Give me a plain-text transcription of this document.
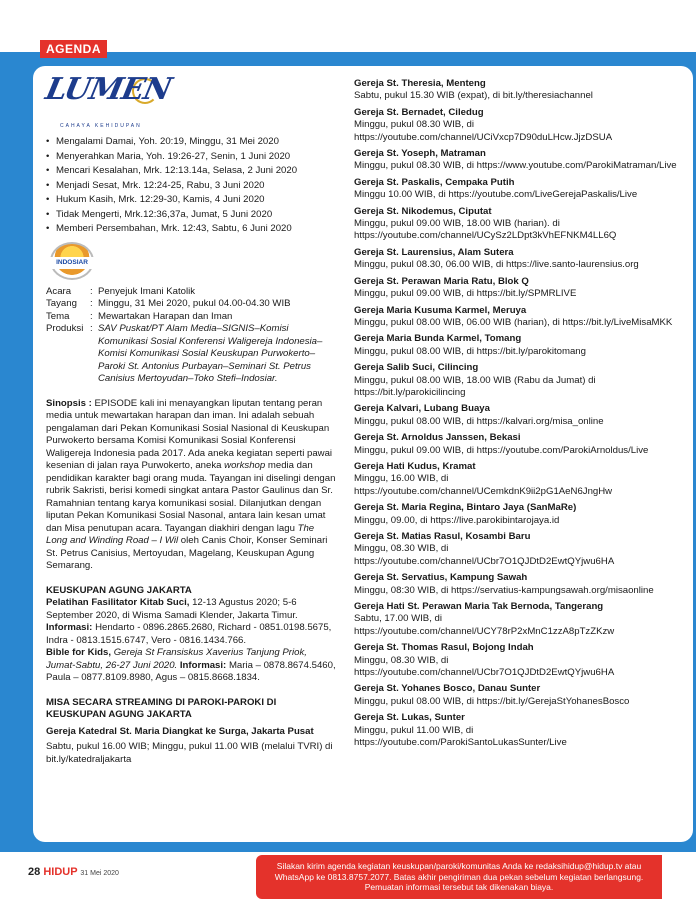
AGENDA
LUMEN
CAHAYA KEHIDUPAN
• Mengalami Damai, Yoh. 20:19, Minggu, 31 Mei 2020
• Menyerahkan Maria, Yoh. 19:26-27, Senin, 1 Juni 2020
• Mencari Kesalahan, Mrk. 12:13.14a, Selasa, 2 Juni 2020
• Menjadi Sesat, Mrk. 12:24-25, Rabu, 3 Juni 2020
• Hukum Kasih, Mrk. 12:29-30, Kamis, 4 Juni 2020
• Tidak Mengerti, Mrk.12:36,37a, Jumat, 5 Juni 2020
• Memberi Persembahan, Mrk. 12:43, Sabtu, 6 Juni 2020
INDOSIAR
Acara	:	Penyejuk Imani Katolik
Tayang	:	Minggu, 31 Mei 2020, pukul 04.00-04.30 WIB
Tema	:	Mewartakan Harapan dan Iman
Produksi	:	SAV Puskat/PT Alam Media–SIGNIS–Komisi Komunikasi Sosial Konferensi Waligereja Indonesia–Komisi Komunikasi Sosial Keuskupan Purwokerto–Paroki St. Antonius Purbayan–Seminari St. Petrus Canisius Mertoyudan–Toko Stefi–Indosiar.

Sinopsis : EPISODE kali ini menayangkan liputan tentang peran media untuk mewartakan harapan dan iman. Ini adalah sebuah pengalaman dari Pekan Komunikasi Sosial Nasional di Keuskupan Purwokerto bersama Komisi Komunikasi Sosial Konferensi Waligereja Indonesia pada 2017. Ada aneka kegiatan seperti pawai kesenian di jalan raya Purwokerto, aneka workshop media dan pendidikan karakter bagi orang muda. Tayangan ini diselingi dengan rubrik Sakristi, berisi komedi singkat antara Pastor Gaulinus dan Sr. Ramahnian tentang karya komunikasi sosial. Dilanjutkan dengan liputan Pekan Komunikasi Sosial Nasonal, antara lain kesan umat dan Misa penutupan acara. Tayangan diakhiri dengan lagu The Long and Winding Road – I Wil oleh Canis Choir, Konser Seminari St. Petrus Canisius, Mertoyudan, Magelang, Keuskupan Agung Semarang.

KEUSKUPAN AGUNG JAKARTA

Pelatihan Fasilitator Kitab Suci, 12-13 Agustus 2020; 5-6 September 2020, di Wisma Samadi Klender, Jakarta Timur. Informasi: Hendarto - 0896.2865.2680, Richard - 0851.0198.5675, Indra - 0813.1515.6747, Vero - 0816.1434.766.

Bible for Kids, Gereja St Fransiskus Xaverius Tanjung Priok, Jumat-Sabtu, 26-27 Juni 2020. Informasi: Maria – 0878.8674.5460, Paula – 0877.8109.8980, Agus – 0815.8668.1834.

MISA SECARA STREAMING DI PAROKI-PAROKI DI KEUSKUPAN AGUNG JAKARTA

Gereja Katedral St. Maria Diangkat ke Surga, Jakarta Pusat

Sabtu, pukul 16.00 WIB; Minggu, pukul 11.00 WIB (melalui TVRI) di bit.ly/katedraljakarta

Gereja St. Theresia, Menteng
Sabtu, pukul 15.30 WIB (expat), di bit.ly/theresiachannel
Gereja St. Bernadet, Ciledug
Minggu, pukul 08.30 WIB, di https://youtube.com/channel/UCiVxcp7D90duLHcw.JjzDSUA
Gereja St. Yoseph, Matraman
Minggu, pukul 08.30 WIB, di https://www.youtube.com/ParokiMatraman/Live
Gereja St. Paskalis, Cempaka Putih
Minggu 10.00 WIB, di https://youtube.com/LiveGerejaPaskalis/Live
Gereja St. Nikodemus, Ciputat
Minggu, pukul 09.00 WIB, 18.00 WIB (harian). di https://youtube.com/channel/UCySz2LDpt3kVhEFNKM4LL6Q
Gereja St. Laurensius, Alam Sutera
Minggu, pukul 08.30, 06.00 WIB, di https://live.santo-laurensius.org
Gereja St. Perawan Maria Ratu, Blok Q
Minggu, pukul 09.00 WIB, di https://bit.ly/SPMRLIVE
Gereja Maria Kusuma Karmel, Meruya
Minggu, pukul 08.00 WIB, 06.00 WIB (harian), di https://bit.ly/LiveMisaMKK
Gereja Maria Bunda Karmel, Tomang
Minggu, pukul 08.00 WIB, di https://bit.ly/parokitomang
Gereja Salib Suci, Cilincing
Minggu, pukul 08.00 WIB, 18.00 WIB (Rabu da Jumat) di https://bit.ly/parokicilincing
Gereja Kalvari, Lubang Buaya
Minggu, pukul 08.00 WIB, di https://kalvari.org/misa_online
Gereja St. Arnoldus Janssen, Bekasi
Minggu, pukul 09.00 WIB, di https://youtube.com/ParokiArnoldus/Live
Gereja Hati Kudus, Kramat
Minggu, 16.00 WIB, di https://youtube.com/channel/UCemkdnK9ii2pG1AeN6JngHw
Gereja St. Maria Regina, Bintaro Jaya (SanMaRe)
Minggu, 09.00, di https://live.parokibintarojaya.id
Gereja St. Matias Rasul, Kosambi Baru
Minggu, 08.30 WIB, di https://youtube.com/channel/UCbr7O1QJDtD2EwtQYjwu6HA
Gereja St. Servatius, Kampung Sawah
Minggu, 08:30 WIB, di https://servatius-kampungsawah.org/misaonline
Gereja Hati St. Perawan Maria Tak Bernoda, Tangerang
Sabtu, 17.00 WIB, di https://youtube.com/channel/UCY78rP2xMnC1zzA8pTzZKzw
Gereja St. Thomas Rasul, Bojong Indah
Minggu, 08.30 WIB, di https://youtube.com/channel/UCbr7O1QJDtD2EwtQYjwu6HA
Gereja St. Yohanes Bosco, Danau Sunter
Minggu, pukul 08.00 WIB, di https://bit.ly/GerejaStYohanesBosco
Gereja St. Lukas, Sunter
Minggu, pukul 11.00 WIB, di https://youtube.com/ParokiSantoLukasSunter/Live
28 HIDUP 31 Mei 2020
Silakan kirim agenda kegiatan keuskupan/paroki/komunitas Anda ke redaksihidup@hidup.tv atau WhatsApp ke 0813.8757.2077. Batas akhir pengiriman dua pekan sebelum kegiatan berlangsung. Pemuatan informasi tersebut tak dikenakan biaya.
